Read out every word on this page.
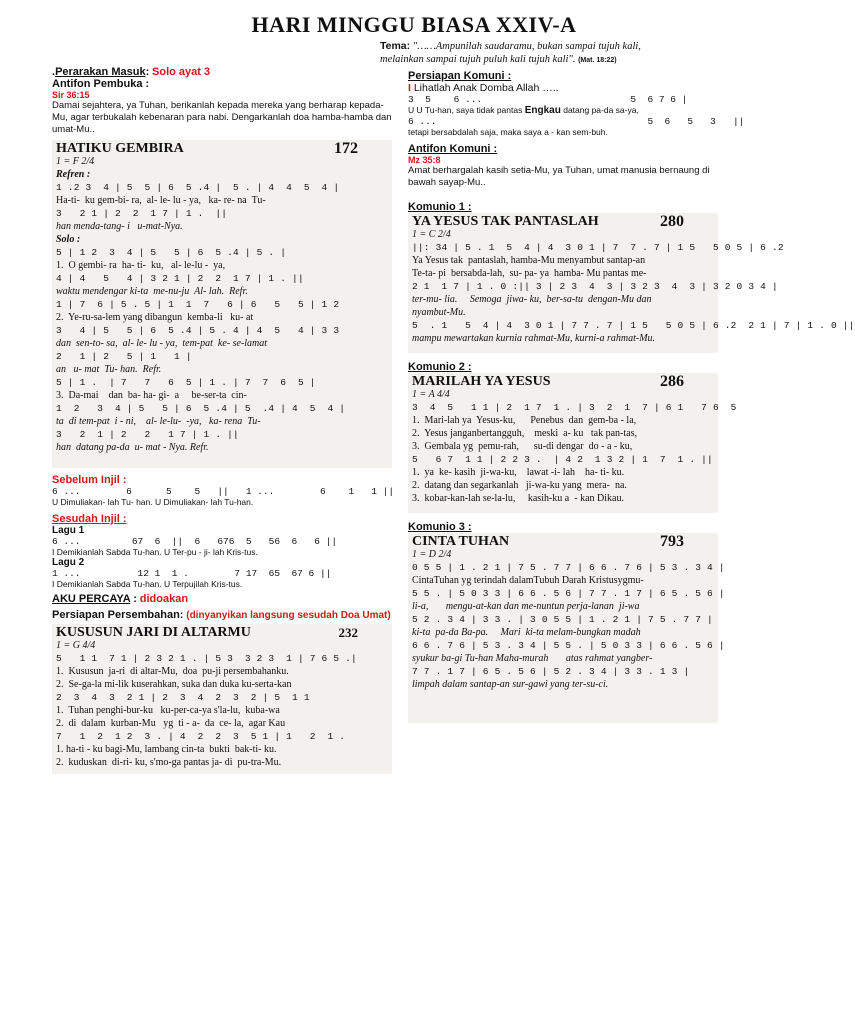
HARI MINGGU BIASA XXIV-A
Tema: "……Ampunilah saudaramu, bukan sampai tujuh kali,
melainkan sampai tujuh puluh kali tujuh kali". (Mat. 18:22)
.Perarakan Masuk: Solo ayat 3
Antifon Pembuka :
Sir 36:15
Damai sejahtera, ya Tuhan, berikanlah kepada mereka yang berharap kepada-Mu, agar terbukalah kebenaran para nabi. Dengarkanlah doa hamba-hamba dan umat-Mu..
HATIKU GEMBIRA	172
1 = F 2/4
Refren :
1 .2 3  4 | 5  5 | 6  5 .4 |  5 . | 4  4  5  4 |
Ha-ti-  ku gem-bi- ra,  al- le- lu - ya,   ka- re- na  Tu-
3   2 1 | 2  2  1 7 | 1 .  ||
han menda-tang- i   u-mat-Nya.
Solo :
5 | 1 2  3  4 | 5   5 | 6  5 .4 | 5 . |
1.  O gembi- ra  ha- ti-  ku,   al- le-lu -  ya,
4 | 4   5   4 | 3 2 1 | 2  2  1 7 | 1 . ||
waktu mendengar ki-ta  me-nu-ju  Al- lah.  Refr.
1 | 7  6 | 5 . 5 | 1  1  7   6 | 6   5   5 | 1 2
2.  Ye-ru-sa-lem yang dibangun  kemba-li   ku- at
3   4 | 5   5 | 6  5 .4 | 5 . 4 | 4  5   4 | 3 3
dan  sen-to- sa,  al- le- lu - ya,  tem-pat  ke- se-lamat
2   1 | 2   5 | 1   1 |
an   u- mat  Tu- han.  Refr.
5 | 1 .  | 7   7   6  5 | 1 . | 7  7  6  5 |
3.  Da-mai    dan  ba- ha- gi-  a     be-ser-ta  cin-
1  2   3  4 | 5   5 | 6  5 .4 | 5  .4 | 4  5  4 |
ta  di tem-pat  i - ni,    al- le-lu-  -ya,   ka- rena  Tu-
3   2  1 | 2   2   1 7 | 1 . ||
han  datang pa-da  u- mat - Nya. Refr.
Sebelum Injil :
6 ...        6      5    5   ||   1 ...        6    1   1 ||
U Dimuliakan- lah Tu- han. U Dimuliakan- lah Tu-han.
Sesudah Injil :
Lagu 1
6 ...         67  6  ||  6   676  5   56  6   6 ||
I Demikianlah Sabda Tu-han. U Ter-pu - ji- lah Kris-tus.
Lagu 2
1 ...          12 1  1 .        7 17  65  67 6 ||
I Demikianlah Sabda Tu-han. U Terpujilah Kris-tus.
AKU PERCAYA : didoakan
Persiapan Persembahan: (dinyanyikan langsung sesudah Doa Umat)
KUSUSUN JARI DI ALTARMU	232
1 = G 4/4
5   1 1  7 1 | 2 3 2 1 . | 5 3  3 2 3  1 | 7 6 5 .|
1.  Kususun  ja-ri  di altar-Mu,  doa  pu-ji persembahanku.
2.  Se-ga-la mi-lik kuserahkan, suka dan duka ku-serta-kan
2  3  4  3  2 1 | 2  3  4  2  3  2 | 5  1 1
1.  Tuhan penghi-bur-ku   ku-per-ca-ya s'la-lu,  kuba-wa
2.  di  dalam  kurban-Mu   yg  ti - a-  da  ce- la,  agar Kau
7   1  2  1 2  3 . | 4  2  2  3  5 1 | 1   2  1 .
1. ha-ti - ku bagi-Mu, lambang cin-ta  bukti  bak-ti- ku.
2.  kuduskan  di-ri- ku, s'mo-ga pantas ja- di  pu-tra-Mu.
Persiapan Komuni :
I Lihatlah Anak Domba Allah …..
3  5    6 ...                          5  6 7 6 |
U U Tu-han, saya tidak pantas Engkau datang pa-da sa-ya,
6 ...                                     5  6   5   3   ||
tetapi bersabdalah saja, maka saya a - kan sem-buh.
Antifon Komuni :
Mz 35:8
Amat berhargalah kasih setia-Mu, ya Tuhan, umat manusia bernaung di bawah sayap-Mu..
Komunio 1 :
YA YESUS TAK PANTASLAH	280
1 = C 2/4
||: 34 | 5 . 1  5  4 | 4  3 0 1 | 7  7 . 7 | 1 5   5 0 5 | 6 .2
Ya Yesus tak  pantaslah, hamba-Mu menyambut santap-an
Te-ta- pi  bersabda-lah,  su- pa- ya  hamba- Mu pantas me-
2 1  1 7 | 1 . 0 :|| 3 | 2 3  4  3 | 3 2 3  4  3 | 3 2 0 3 4 |
ter-mu- lia.     Semoga  jiwa- ku,  ber-sa-tu  dengan-Mu dan
nyambut-Mu.
5  . 1   5  4 | 4  3 0 1 | 7 7 . 7 | 1 5   5 0 5 | 6 .2  2 1 | 7 | 1 . 0 ||
mampu mewartakan kurnia rahmat-Mu, kurni-a rahmat-Mu.
Komunio 2 :
MARILAH YA YESUS	286
1 = A 4/4
3  4  5   1 1 | 2  1 7  1 . | 3  2  1  7 | 6 1   7 6  5
1.  Mari-lah ya  Yesus-ku,      Penebus  dan  gem-ba - la,
2.  Yesus janganbertangguh,    meski  a- ku   tak pan-tas,
3.  Gembala yg  pemu-rah,      su-di dengar  do - a - ku,
5   6 7  1 1 | 2 2 3 .  | 4 2  1 3 2 | 1  7  1 . ||
1.  ya  ke- kasih  ji-wa-ku,    lawat -i- lah    ha- ti- ku.
2.  datang dan segarkanlah   ji-wa-ku yang  mera-  na.
3.  kobar-kan-lah se-la-lu,     kasih-ku a  - kan Dikau.
Komunio 3 :
CINTA TUHAN	793
1 = D 2/4
0 5 5 | 1 . 2 1 | 7 5 . 7 7 | 6 6 . 7 6 | 5 3 . 3 4 |
CintaTuhan yg terindah dalamTubuh Darah Kristusygmu-
5 5 . | 5 0 3 3 | 6 6 . 5 6 | 7 7 . 1 7 | 6 5 . 5 6 |
li-a,       mengu-at-kan dan me-nuntun perja-lanan  ji-wa
5 2 . 3 4 | 3 3 . | 3 0 5 5 | 1 . 2 1 | 7 5 . 7 7 |
ki-ta  pa-da Ba-pa.     Mari  ki-ta melam-bungkan madah
6 6 . 7 6 | 5 3 . 3 4 | 5 5 . | 5 0 3 3 | 6 6 . 5 6 |
syukur ba-gi Tu-han Maha-murah       atas rahmat yangber-
7 7 . 1 7 | 6 5 . 5 6 | 5 2 . 3 4 | 3 3 . 1 3 |
limpah dalam santap-an sur-gawi yang ter-su-ci.
